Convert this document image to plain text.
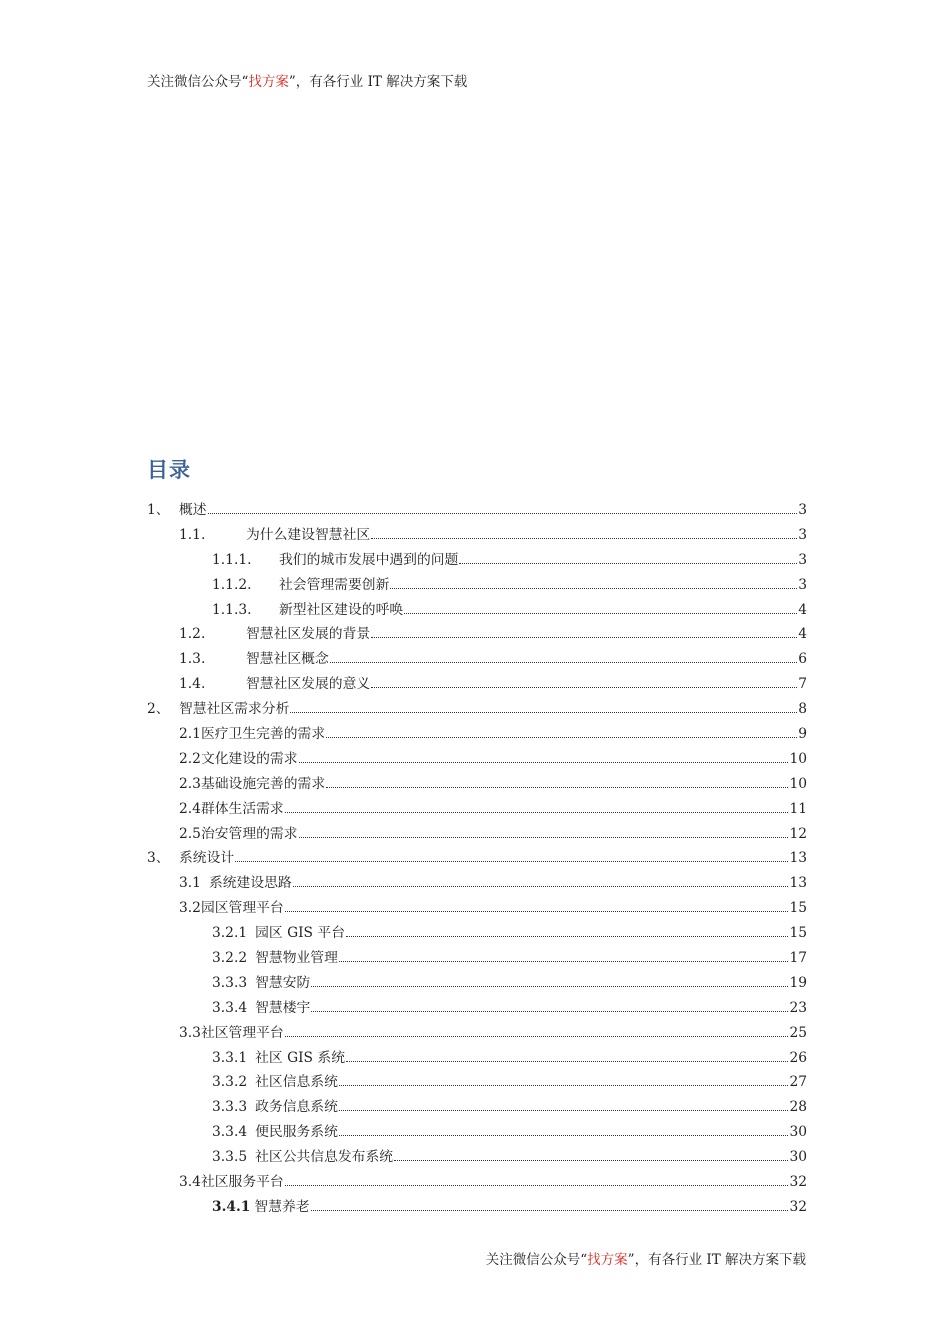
关注微信公众号“找方案”，有各行业 IT 解决方案下载
目录
1、 概述	3
1.1.	为什么建设智慧社区	3
1.1.1.	我们的城市发展中遇到的问题	3
1.1.2.	社会管理需要创新	3
1.1.3.	新型社区建设的呼唤	4
1.2.	智慧社区发展的背景	4
1.3.	智慧社区概念	6
1.4.	智慧社区发展的意义	7
2、 智慧社区需求分析	8
2.1 医疗卫生完善的需求	9
2.2 文化建设的需求	10
2.3 基础设施完善的需求	10
2.4 群体生活需求	11
2.5 治安管理的需求	12
3、 系统设计	13
3.1 系统建设思路	13
3.2 园区管理平台	15
3.2.1 园区 GIS 平台	15
3.2.2 智慧物业管理	17
3.3.3 智慧安防	19
3.3.4 智慧楼宇	23
3.3 社区管理平台	25
3.3.1 社区 GIS 系统	26
3.3.2 社区信息系统	27
3.3.3 政务信息系统	28
3.3.4 便民服务系统	30
3.3.5 社区公共信息发布系统	30
3.4 社区服务平台	32
3.4.1 智慧养老	32
关注微信公众号“找方案”，有各行业 IT 解决方案下载
